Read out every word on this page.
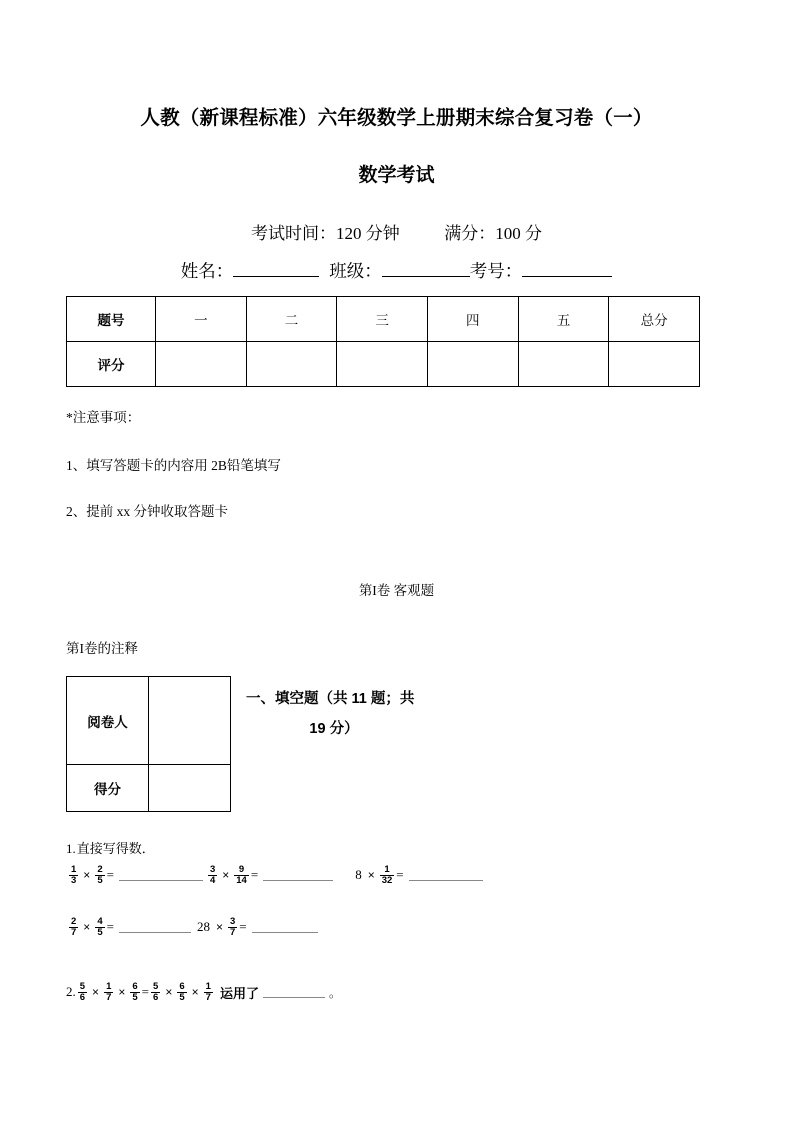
人教（新课程标准）六年级数学上册期末综合复习卷（一）
数学考试
考试时间：120 分钟	满分：100 分
姓名：	班级：	考号：
题号	一	二	三	四	五	总分
评分						
*注意事项：
1、填写答题卡的内容用 2B铅笔填写
2、提前 xx 分钟收取答题卡
第I卷 客观题
第I卷的注释
阅卷人	
得分	
一、填空题（共 11 题；共
19 分）
1.直接写得数．
$\frac{1}{3} \times \frac{2}{5}$ =	$\frac{3}{4} \times \frac{9}{14}$ =	$8 \times \frac{1}{32}$ =
$\frac{2}{7} \times \frac{4}{5}$ =	$28 \times \frac{3}{7}$ =
2. $\frac{5}{6} \times \frac{1}{7} \times \frac{6}{5} = \frac{5}{6} \times \frac{6}{5} \times \frac{1}{7}$ 运用了	。
